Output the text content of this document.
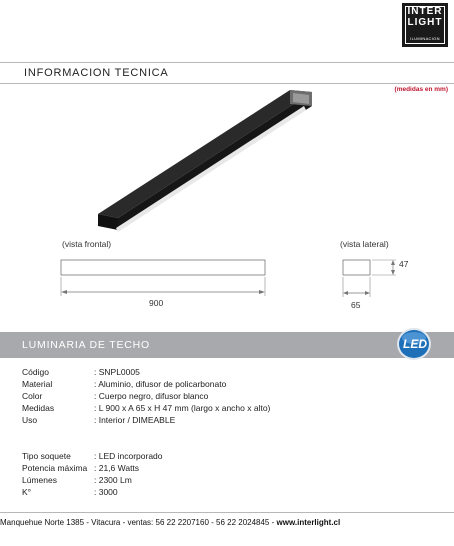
INTER
LIGHT
ILUMINACION
INFORMACION TECNICA
(medidas en mm)
(vista frontal)	(vista lateral)
900
47
65
LUMINARIA DE TECHO	LED
Código	: SNPL0005
Material	: Aluminio, difusor de policarbonato
Color	: Cuerpo negro, difusor blanco
Medidas	: L 900 x A 65 x H 47 mm (largo x ancho x alto)
Uso	: Interior / DIMEABLE
Tipo soquete	: LED incorporado
Potencia máxima : 21,6 Watts
Lúmenes	: 2300 Lm
K°	: 3000
Manquehue Norte 1385 - Vitacura - ventas: 56 22 2207160 - 56 22 2024845 - www.interlight.cl
